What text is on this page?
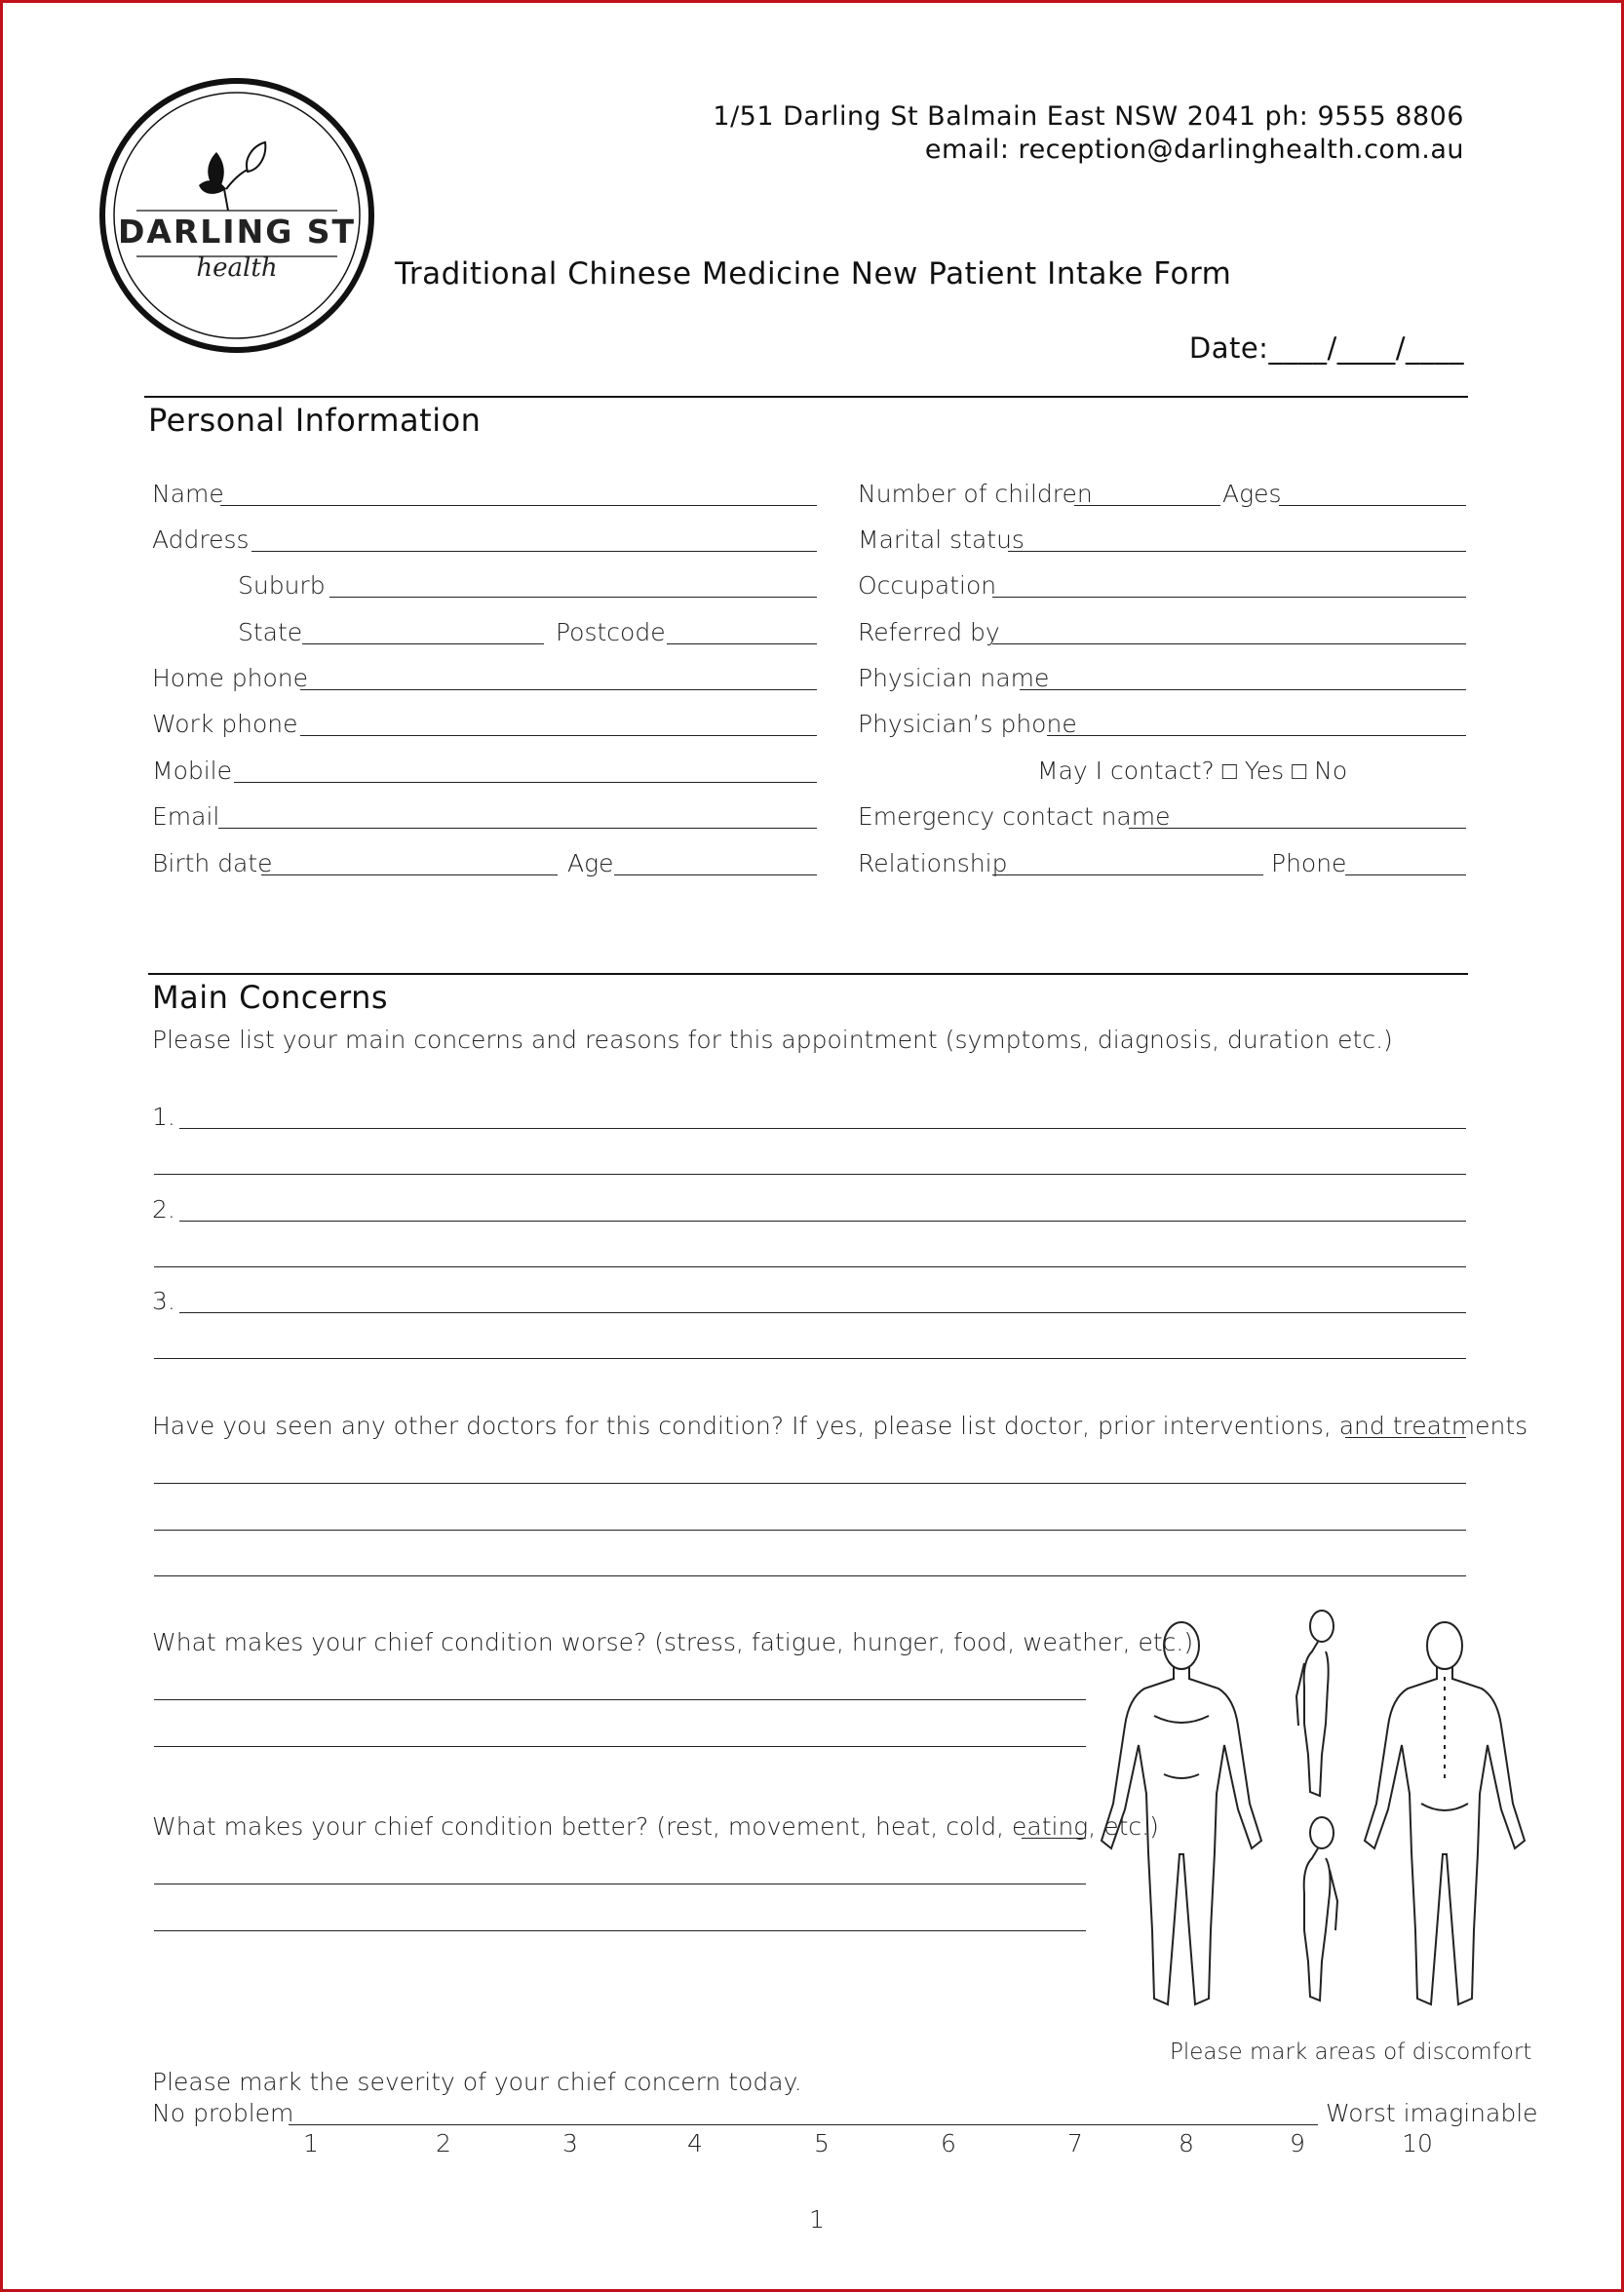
DARLING ST
health
1/51 Darling St Balmain East NSW 2041 ph: 9555 8806
email: reception@darlinghealth.com.au
Traditional Chinese Medicine New Patient Intake Form
Date:____/____/____
Personal Information
Name
Address
Suburb
State	Postcode
Home phone
Work phone
Mobile
Email
Birth date	Age
Number of children	Ages
Marital status
Occupation
Referred by
Physician name
Physician’s phone
May I contact? □ Yes □ No
Emergency contact name
Relationship	Phone
Main Concerns
Please list your main concerns and reasons for this appointment (symptoms, diagnosis, duration etc.)
1.
2.
3.
Have you seen any other doctors for this condition? If yes, please list doctor, prior interventions, and treatments
What makes your chief condition worse? (stress, fatigue, hunger, food, weather, etc.)
What makes your chief condition better? (rest, movement, heat, cold, eating, etc.)
Please mark areas of discomfort
Please mark the severity of your chief concern today.
No problem	Worst imaginable
1	2	3	4	5	6	7	8	9	10
1
